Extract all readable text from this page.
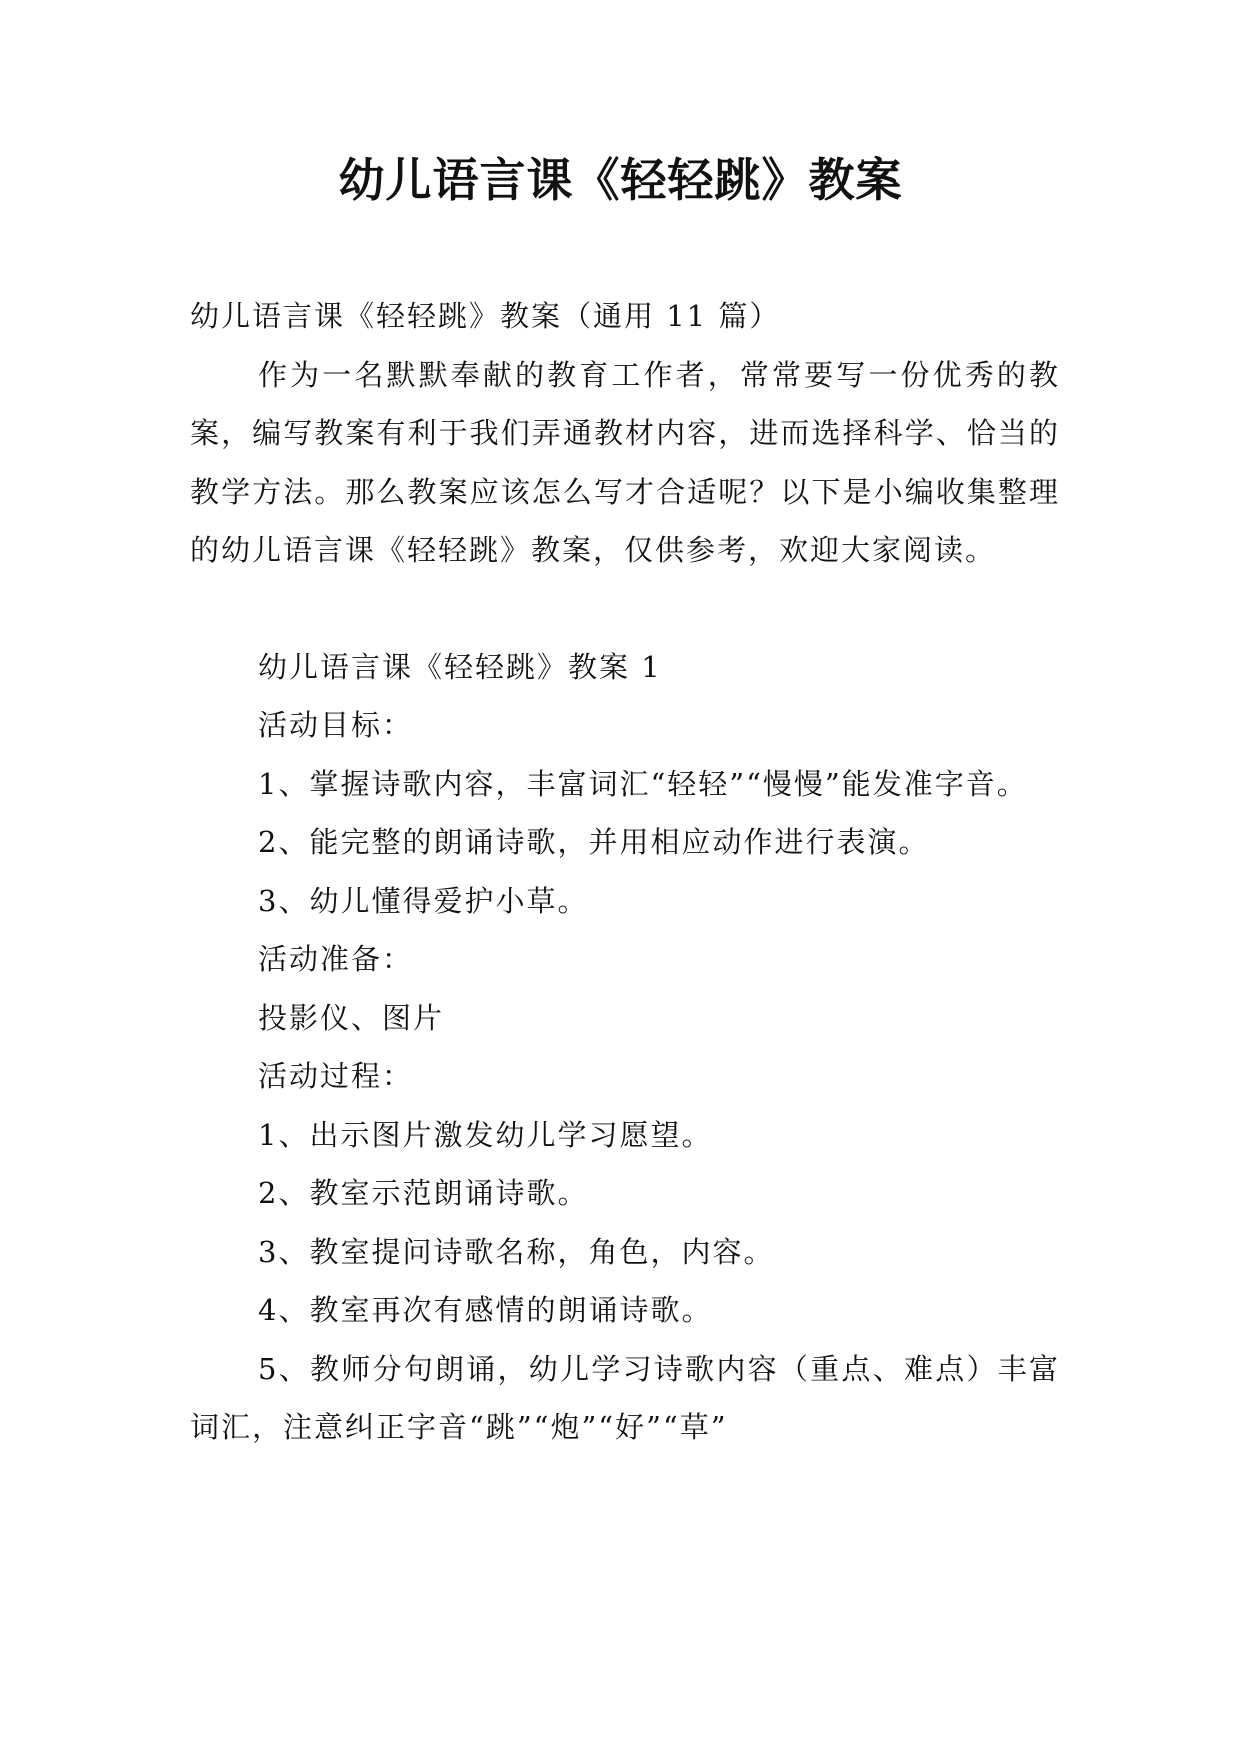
幼儿语言课《轻轻跳》教案

幼儿语言课《轻轻跳》教案（通用 11 篇）

作为一名默默奉献的教育工作者，常常要写一份优秀的教案，编写教案有利于我们弄通教材内容，进而选择科学、恰当的教学方法。那么教案应该怎么写才合适呢？以下是小编收集整理的幼儿语言课《轻轻跳》教案，仅供参考，欢迎大家阅读。

幼儿语言课《轻轻跳》教案 1

活动目标：

1、掌握诗歌内容，丰富词汇“轻轻”“慢慢”能发准字音。

2、能完整的朗诵诗歌，并用相应动作进行表演。

3、幼儿懂得爱护小草。

活动准备：

投影仪、图片

活动过程：

1、出示图片激发幼儿学习愿望。

2、教室示范朗诵诗歌。

3、教室提问诗歌名称，角色，内容。

4、教室再次有感情的朗诵诗歌。

5、教师分句朗诵，幼儿学习诗歌内容（重点、难点）丰富词汇，注意纠正字音“跳”“炮”“好”“草”
